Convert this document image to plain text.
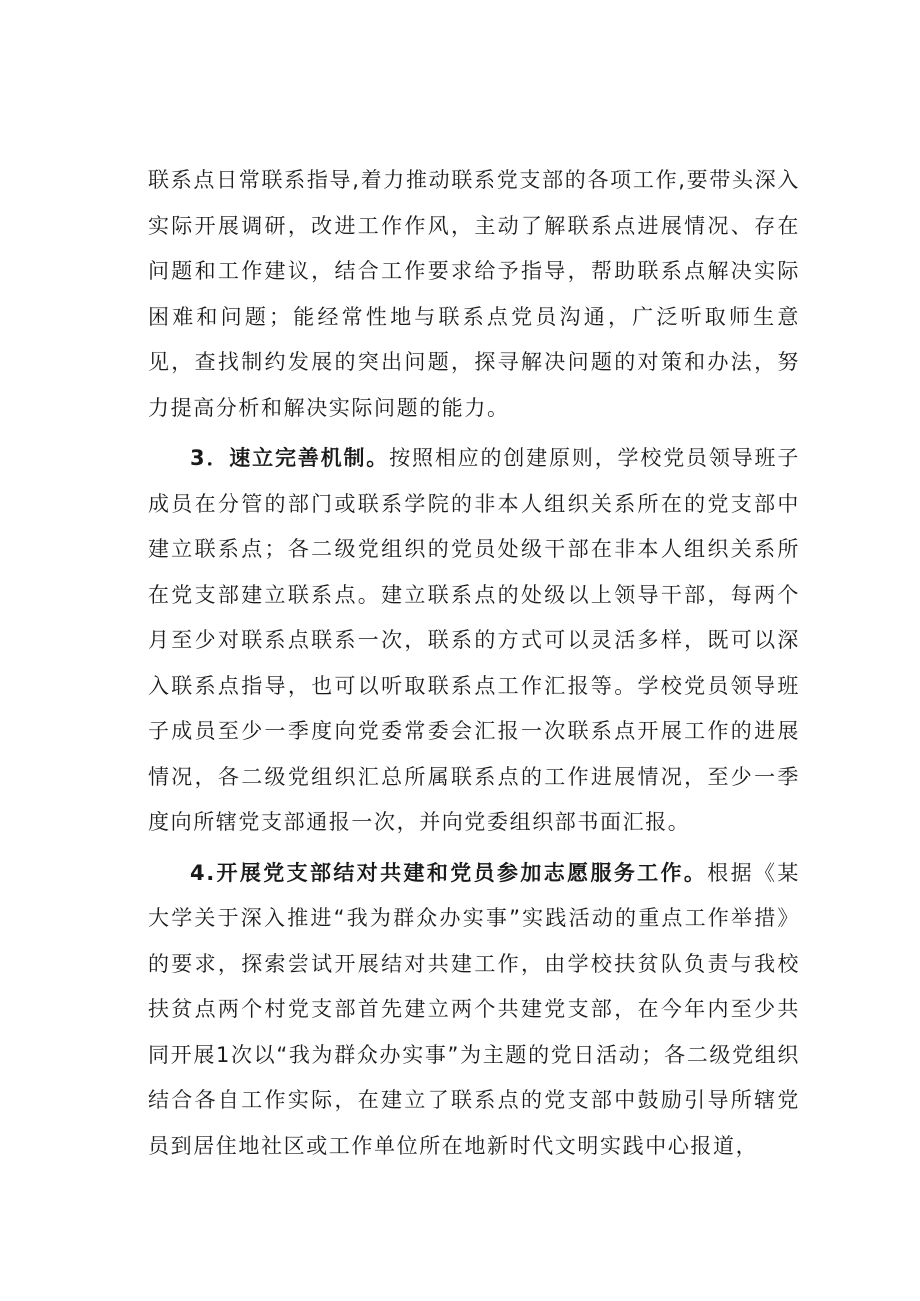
联系点日常联系指导,着力推动联系党支部的各项工作,要带头深入实际开展调研，改进工作作风，主动了解联系点进展情况、存在问题和工作建议，结合工作要求给予指导，帮助联系点解决实际困难和问题；能经常性地与联系点党员沟通，广泛听取师生意见，查找制约发展的突出问题，探寻解决问题的对策和办法，努力提高分析和解决实际问题的能力。

3．速立完善机制。按照相应的创建原则，学校党员领导班子成员在分管的部门或联系学院的非本人组织关系所在的党支部中建立联系点；各二级党组织的党员处级干部在非本人组织关系所在党支部建立联系点。建立联系点的处级以上领导干部，每两个月至少对联系点联系一次，联系的方式可以灵活多样，既可以深入联系点指导，也可以听取联系点工作汇报等。学校党员领导班子成员至少一季度向党委常委会汇报一次联系点开展工作的进展情况，各二级党组织汇总所属联系点的工作进展情况，至少一季度向所辖党支部通报一次，并向党委组织部书面汇报。

4.开展党支部结对共建和党员参加志愿服务工作。根据《某大学关于深入推进“我为群众办实事”实践活动的重点工作举措》的要求，探索尝试开展结对共建工作，由学校扶贫队负责与我校扶贫点两个村党支部首先建立两个共建党支部，在今年内至少共同开展1次以“我为群众办实事”为主题的党日活动；各二级党组织结合各自工作实际，在建立了联系点的党支部中鼓励引导所辖党员到居住地社区或工作单位所在地新时代文明实践中心报道，
